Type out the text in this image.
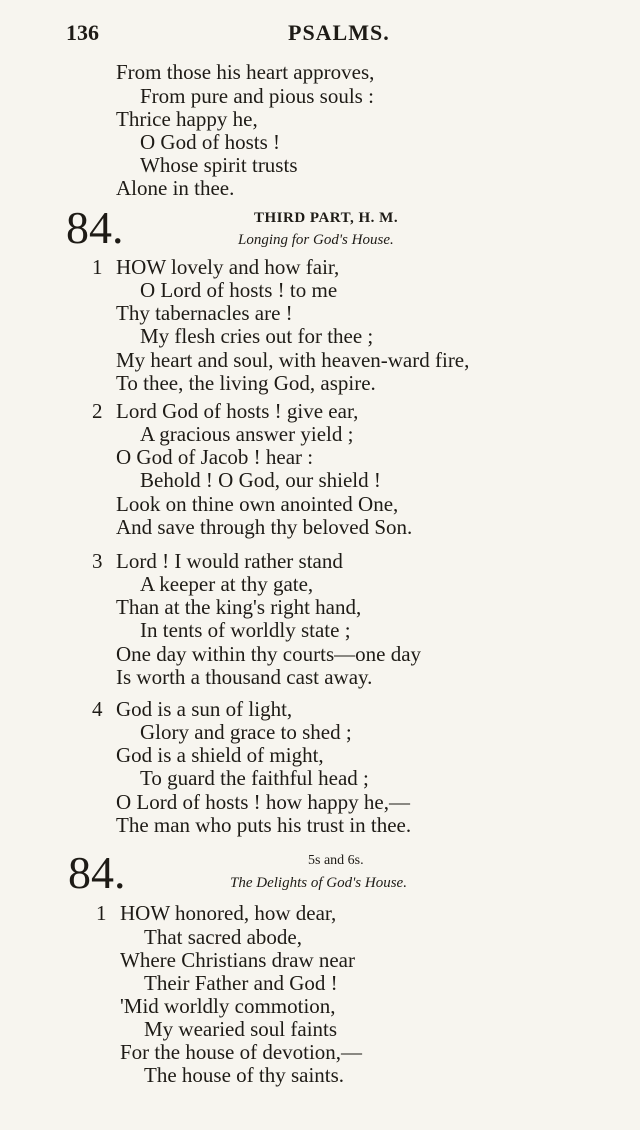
136	PSALMS.
From those his heart approves,
From pure and pious souls :
Thrice happy he,
O God of hosts !
Whose spirit trusts
Alone in thee.
84.	THIRD PART, H. M.
Longing for God's House.
1 HOW lovely and how fair,
O Lord of hosts ! to me
Thy tabernacles are !
My flesh cries out for thee ;
My heart and soul, with heaven-ward fire,
To thee, the living God, aspire.
2 Lord God of hosts ! give ear,
A gracious answer yield ;
O God of Jacob ! hear :
Behold ! O God, our shield !
Look on thine own anointed One,
And save through thy beloved Son.
3 Lord ! I would rather stand
A keeper at thy gate,
Than at the king's right hand,
In tents of worldly state ;
One day within thy courts—one day
Is worth a thousand cast away.
4 God is a sun of light,
Glory and grace to shed ;
God is a shield of might,
To guard the faithful head ;
O Lord of hosts ! how happy he,—
The man who puts his trust in thee.
84.	5s and 6s.
The Delights of God's House.
1 HOW honored, how dear,
That sacred abode,
Where Christians draw near
Their Father and God !
'Mid worldly commotion,
My wearied soul faints
For the house of devotion,—
The house of thy saints.
